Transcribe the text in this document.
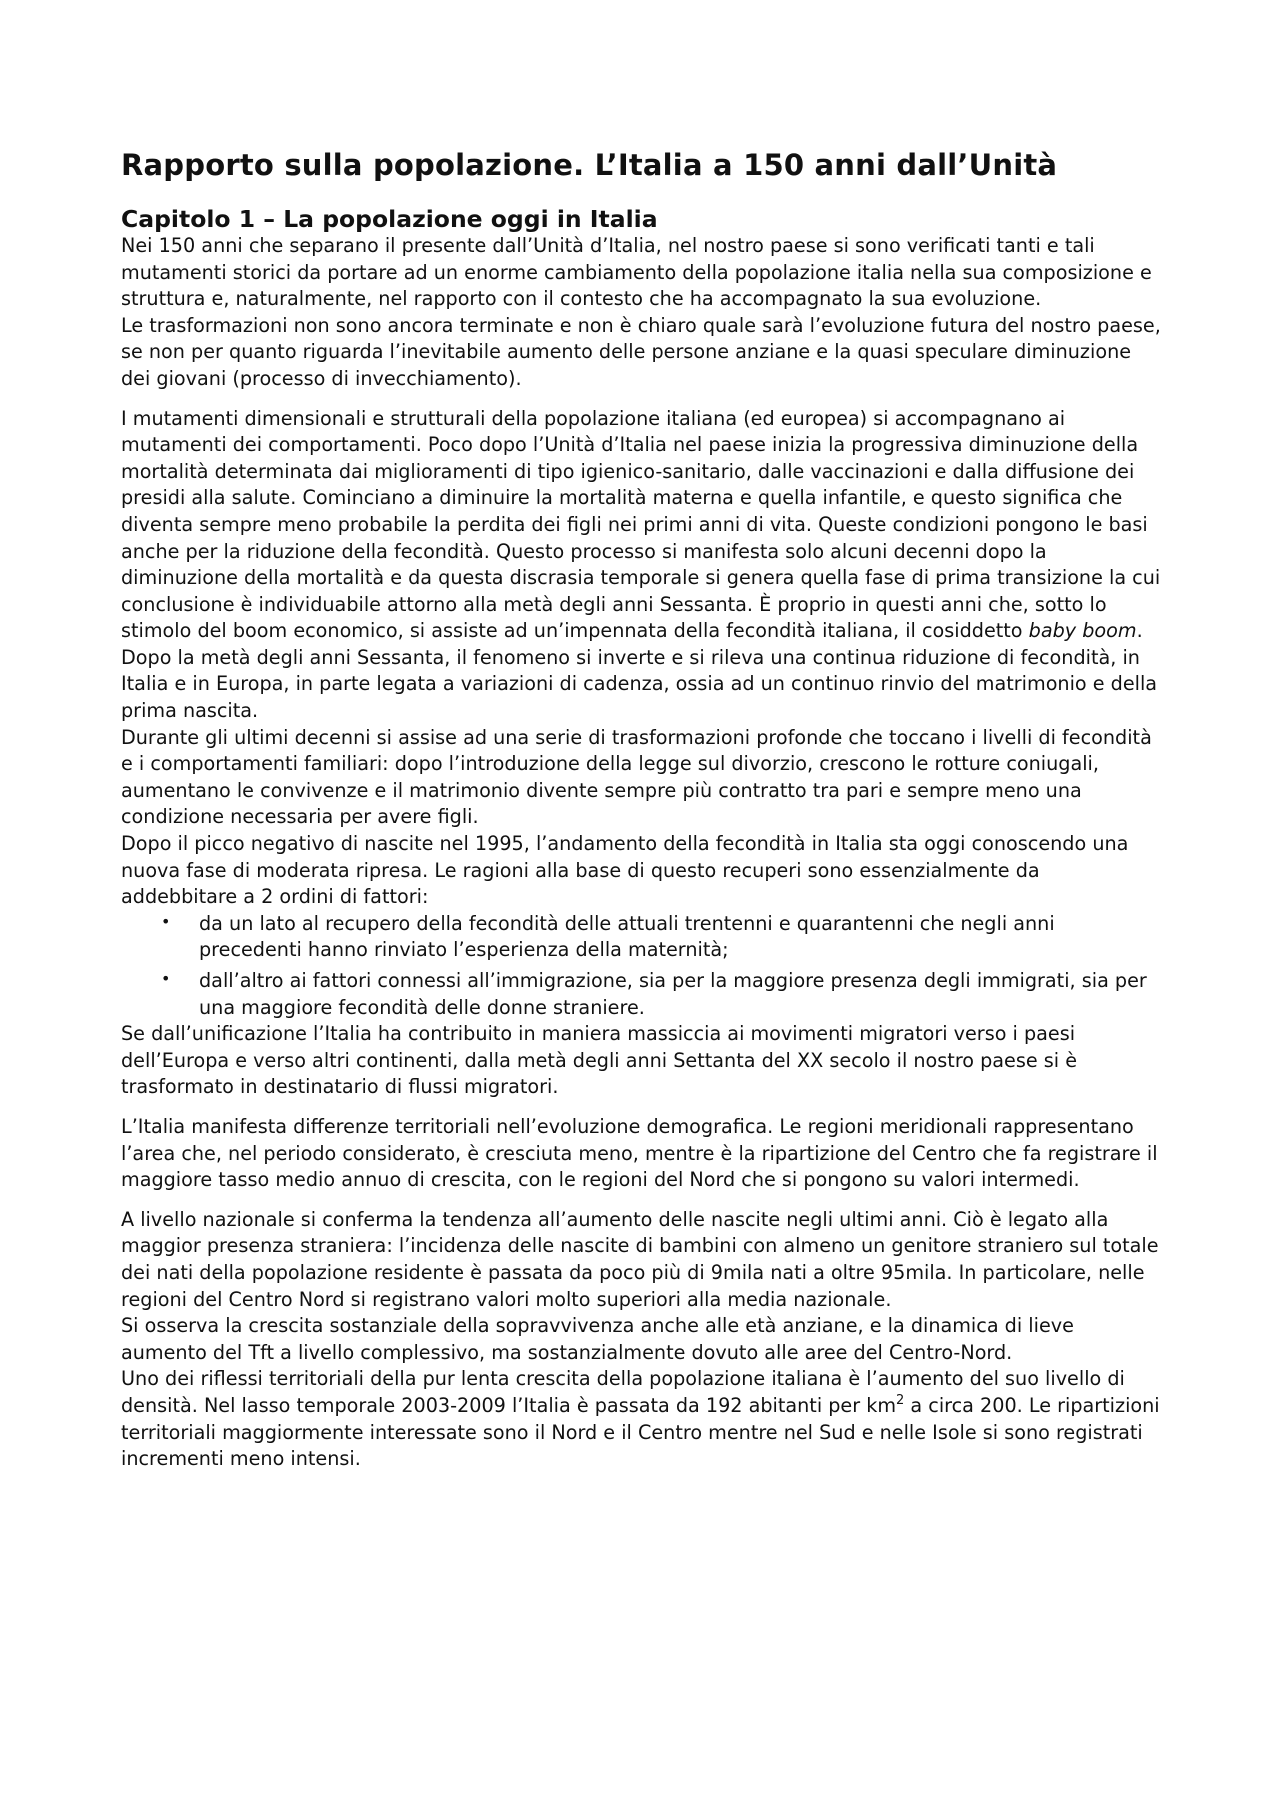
Rapporto sulla popolazione. L’Italia a 150 anni dall’Unità
Capitolo 1 – La popolazione oggi in Italia

Nei 150 anni che separano il presente dall’Unità d’Italia, nel nostro paese si sono verificati tanti e tali mutamenti storici da portare ad un enorme cambiamento della popolazione italia nella sua composizione e struttura e, naturalmente, nel rapporto con il contesto che ha accompagnato la sua evoluzione.

Le trasformazioni non sono ancora terminate e non è chiaro quale sarà l’evoluzione futura del nostro paese, se non per quanto riguarda l’inevitabile aumento delle persone anziane e la quasi speculare diminuzione dei giovani (processo di invecchiamento).

I mutamenti dimensionali e strutturali della popolazione italiana (ed europea) si accompagnano ai mutamenti dei comportamenti. Poco dopo l’Unità d’Italia nel paese inizia la progressiva diminuzione della mortalità determinata dai miglioramenti di tipo igienico-sanitario, dalle vaccinazioni e dalla diffusione dei presidi alla salute. Cominciano a diminuire la mortalità materna e quella infantile, e questo significa che diventa sempre meno probabile la perdita dei figli nei primi anni di vita. Queste condizioni pongono le basi anche per la riduzione della fecondità. Questo processo si manifesta solo alcuni decenni dopo la diminuzione della mortalità e da questa discrasia temporale si genera quella fase di prima transizione la cui conclusione è individuabile attorno alla metà degli anni Sessanta. È proprio in questi anni che, sotto lo stimolo del boom economico, si assiste ad un’impennata della fecondità italiana, il cosiddetto baby boom. Dopo la metà degli anni Sessanta, il fenomeno si inverte e si rileva una continua riduzione di fecondità, in Italia e in Europa, in parte legata a variazioni di cadenza, ossia ad un continuo rinvio del matrimonio e della prima nascita.

Durante gli ultimi decenni si assise ad una serie di trasformazioni profonde che toccano i livelli di fecondità e i comportamenti familiari: dopo l’introduzione della legge sul divorzio, crescono le rotture coniugali, aumentano le convivenze e il matrimonio divente sempre più contratto tra pari e sempre meno una condizione necessaria per avere figli.

Dopo il picco negativo di nascite nel 1995, l’andamento della fecondità in Italia sta oggi conoscendo una nuova fase di moderata ripresa. Le ragioni alla base di questo recuperi sono essenzialmente da addebbitare a 2 ordini di fattori:

• da un lato al recupero della fecondità delle attuali trentenni e quarantenni che negli anni precedenti hanno rinviato l’esperienza della maternità;
• dall’altro ai fattori connessi all’immigrazione, sia per la maggiore presenza degli immigrati, sia per una maggiore fecondità delle donne straniere.

Se dall’unificazione l’Italia ha contribuito in maniera massiccia ai movimenti migratori verso i paesi dell’Europa e verso altri continenti, dalla metà degli anni Settanta del XX secolo il nostro paese si è trasformato in destinatario di flussi migratori.

L’Italia manifesta differenze territoriali nell’evoluzione demografica. Le regioni meridionali rappresentano l’area che, nel periodo considerato, è cresciuta meno, mentre è la ripartizione del Centro che fa registrare il maggiore tasso medio annuo di crescita, con le regioni del Nord che si pongono su valori intermedi.

A livello nazionale si conferma la tendenza all’aumento delle nascite negli ultimi anni. Ciò è legato alla maggior presenza straniera: l’incidenza delle nascite di bambini con almeno un genitore straniero sul totale dei nati della popolazione residente è passata da poco più di 9mila nati a oltre 95mila. In particolare, nelle regioni del Centro Nord si registrano valori molto superiori alla media nazionale.

Si osserva la crescita sostanziale della sopravvivenza anche alle età anziane, e la dinamica di lieve aumento del Tft a livello complessivo, ma sostanzialmente dovuto alle aree del Centro-Nord.

Uno dei riflessi territoriali della pur lenta crescita della popolazione italiana è l’aumento del suo livello di densità. Nel lasso temporale 2003-2009 l’Italia è passata da 192 abitanti per $km^2$ a circa 200. Le ripartizioni territoriali maggiormente interessate sono il Nord e il Centro mentre nel Sud e nelle Isole si sono registrati incrementi meno intensi.
